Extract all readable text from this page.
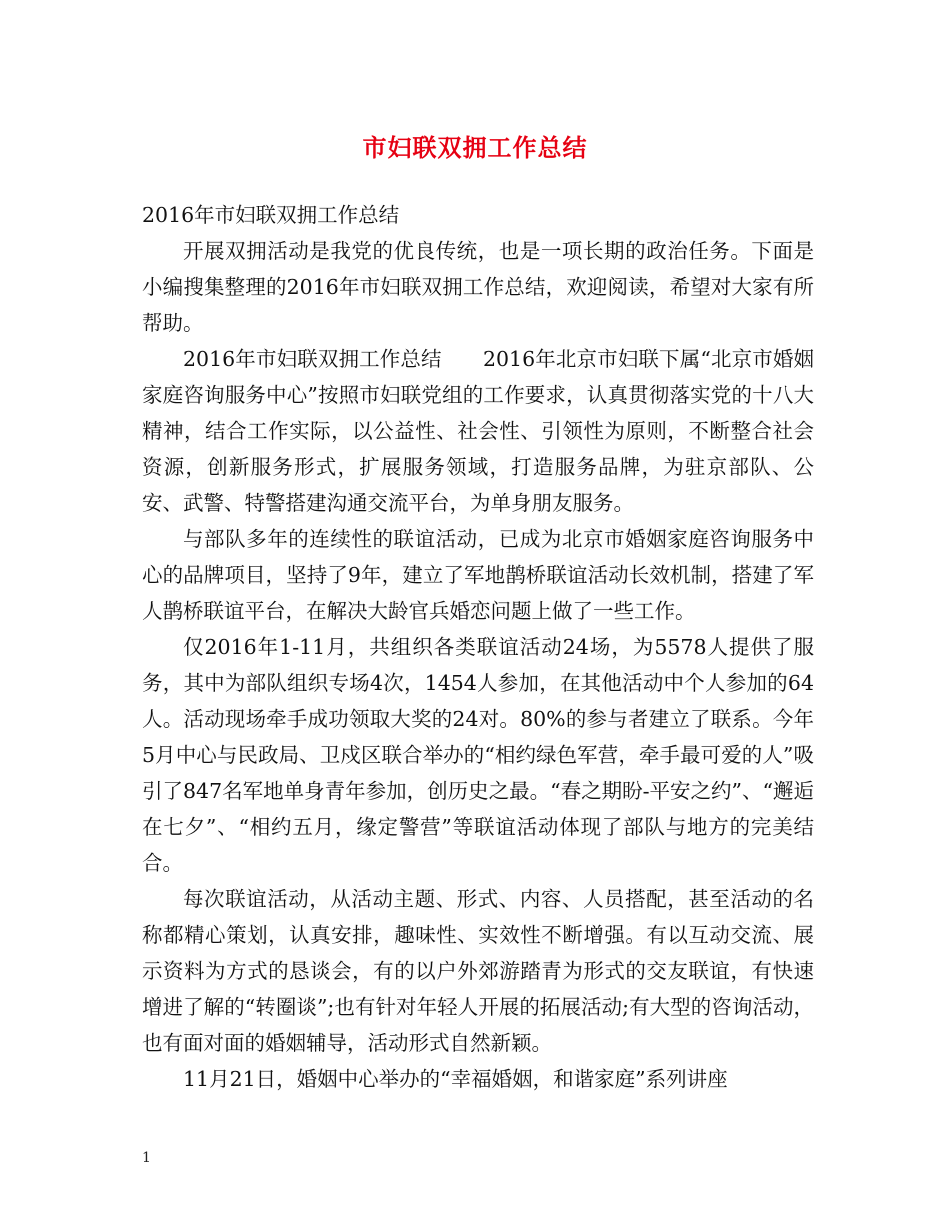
市妇联双拥工作总结

2016年市妇联双拥工作总结

开展双拥活动是我党的优良传统，也是一项长期的政治任务。下面是小编搜集整理的2016年市妇联双拥工作总结，欢迎阅读，希望对大家有所帮助。

2016年市妇联双拥工作总结　　2016年北京市妇联下属“北京市婚姻家庭咨询服务中心”按照市妇联党组的工作要求，认真贯彻落实党的十八大精神，结合工作实际，以公益性、社会性、引领性为原则，不断整合社会资源，创新服务形式，扩展服务领域，打造服务品牌，为驻京部队、公安、武警、特警搭建沟通交流平台，为单身朋友服务。

与部队多年的连续性的联谊活动，已成为北京市婚姻家庭咨询服务中心的品牌项目，坚持了9年，建立了军地鹊桥联谊活动长效机制，搭建了军人鹊桥联谊平台，在解决大龄官兵婚恋问题上做了一些工作。

仅2016年1-11月，共组织各类联谊活动24场，为5578人提供了服务，其中为部队组织专场4次，1454人参加，在其他活动中个人参加的64人。活动现场牵手成功领取大奖的24对。80%的参与者建立了联系。今年5月中心与民政局、卫戍区联合举办的“相约绿色军营，牵手最可爱的人”吸引了847名军地单身青年参加，创历史之最。“春之期盼-平安之约”、“邂逅在七夕”、“相约五月，缘定警营”等联谊活动体现了部队与地方的完美结合。

每次联谊活动，从活动主题、形式、内容、人员搭配，甚至活动的名称都精心策划，认真安排，趣味性、实效性不断增强。有以互动交流、展示资料为方式的恳谈会，有的以户外郊游踏青为形式的交友联谊，有快速增进了解的“转圈谈”;也有针对年轻人开展的拓展活动;有大型的咨询活动，也有面对面的婚姻辅导，活动形式自然新颖。

11月21日，婚姻中心举办的“幸福婚姻，和谐家庭”系列讲座

1
